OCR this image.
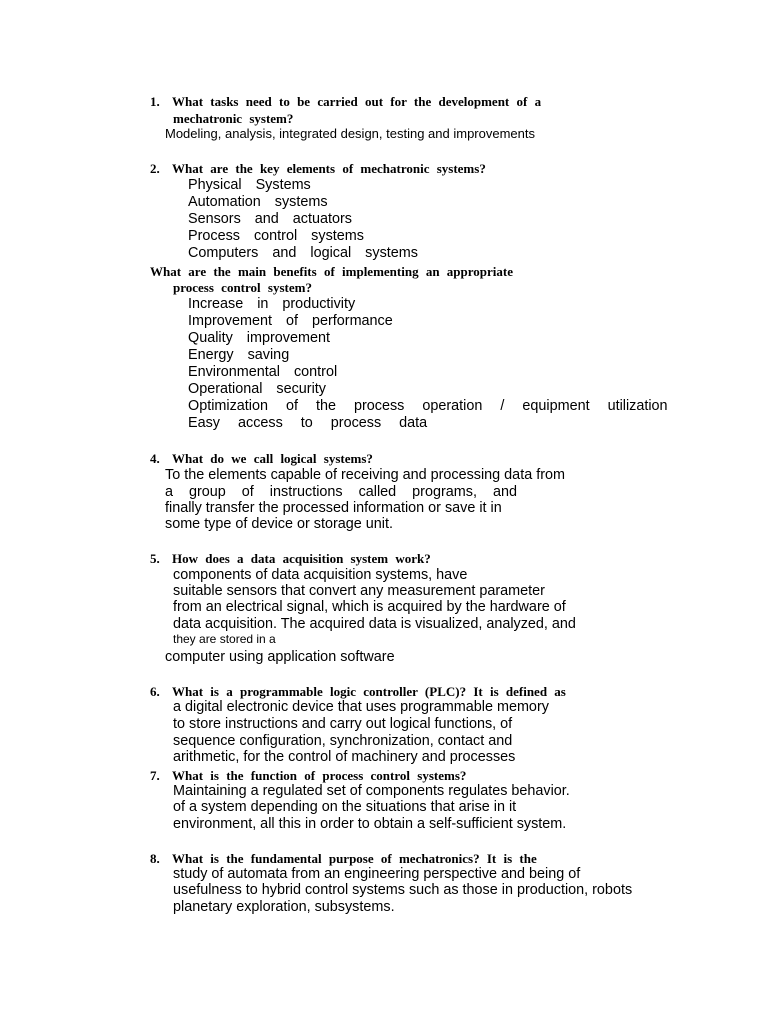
1. What tasks need to be carried out for the development of a
mechatronic system?
Modeling, analysis, integrated design, testing and improvements
2. What are the key elements of mechatronic systems?
Physical Systems
Automation systems
Sensors and actuators
Process control systems
Computers and logical systems
What are the main benefits of implementing an appropriate
process control system?
Increase in productivity
Improvement of performance
Quality improvement
Energy saving
Environmental control
Operational security
Optimization of the process operation / equipment utilization
Easy access to process data
4. What do we call logical systems?
To the elements capable of receiving and processing data from
a group of instructions called programs, and
finally transfer the processed information or save it in
some type of device or storage unit.
5. How does a data acquisition system work?
components of data acquisition systems, have
suitable sensors that convert any measurement parameter
from an electrical signal, which is acquired by the hardware of
data acquisition. The acquired data is visualized, analyzed, and
they are stored in a
computer using application software
6. What is a programmable logic controller (PLC)? It is defined as
a digital electronic device that uses programmable memory
to store instructions and carry out logical functions, of
sequence configuration, synchronization, contact and
arithmetic, for the control of machinery and processes
7. What is the function of process control systems?
Maintaining a regulated set of components regulates behavior.
of a system depending on the situations that arise in it
environment, all this in order to obtain a self-sufficient system.
8. What is the fundamental purpose of mechatronics? It is the
study of automata from an engineering perspective and being of
usefulness to hybrid control systems such as those in production, robots
planetary exploration, subsystems.
